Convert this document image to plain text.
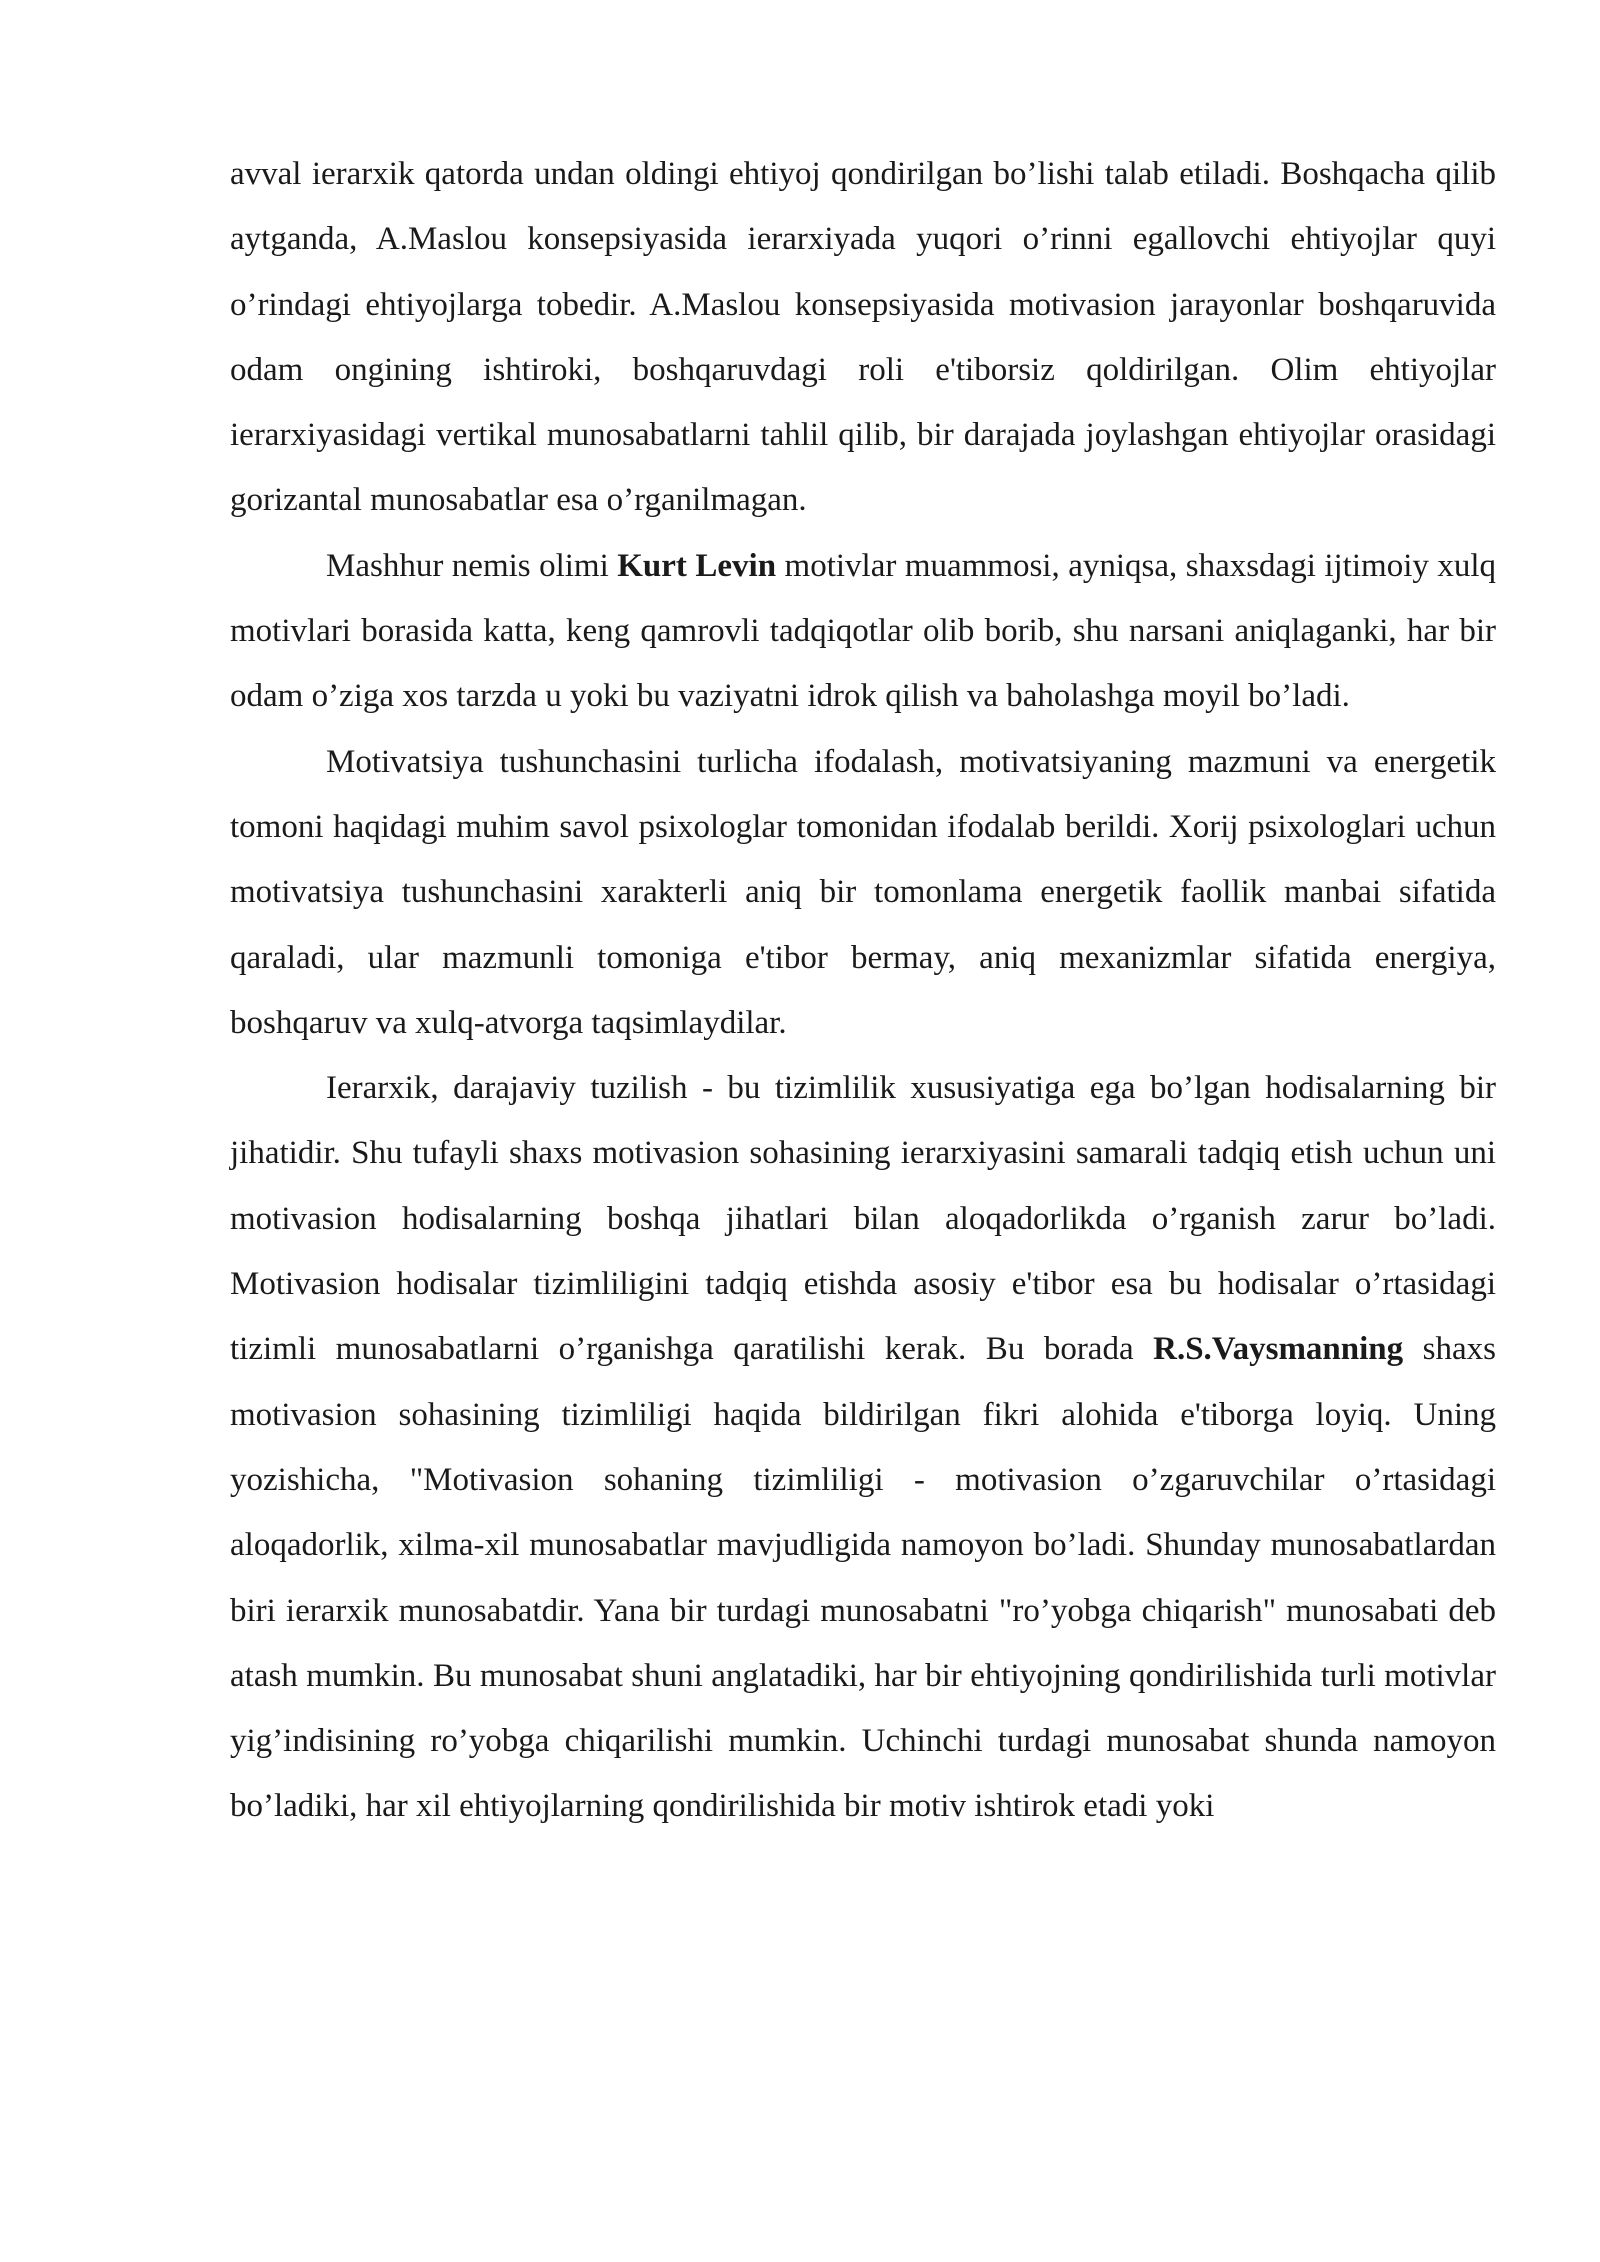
avval ierarxik qatorda undan oldingi ehtiyoj qondirilgan bo’lishi talab etiladi. Boshqacha qilib aytganda, A.Maslou konsepsiyasida ierarxiyada yuqori o’rinni egallovchi ehtiyojlar quyi o’rindagi ehtiyojlarga tobedir. A.Maslou konsepsiyasida motivasion jarayonlar boshqaruvida odam ongining ishtiroki, boshqaruvdagi roli e'tiborsiz qoldirilgan. Olim ehtiyojlar ierarxiyasidagi vertikal munosabatlarni tahlil qilib, bir darajada joylashgan ehtiyojlar orasidagi gorizantal munosabatlar esa o’rganilmagan.

Mashhur nemis olimi Kurt Levin motivlar muammosi, ayniqsa, shaxsdagi ijtimoiy xulq motivlari borasida katta, keng qamrovli tadqiqotlar olib borib, shu narsani aniqlaganki, har bir odam o’ziga xos tarzda u yoki bu vaziyatni idrok qilish va baholashga moyil bo’ladi.

Motivatsiya tushunchasini turlicha ifodalash, motivatsiyaning mazmuni va energetik tomoni haqidagi muhim savol psixologlar tomonidan ifodalab berildi. Xorij psixologlari uchun motivatsiya tushunchasini xarakterli aniq bir tomonlama energetik faollik manbai sifatida qaraladi, ular mazmunli tomoniga e'tibor bermay, aniq mexanizmlar sifatida energiya, boshqaruv va xulq-atvorga taqsimlaydilar.

Ierarxik, darajaviy tuzilish - bu tizimlilik xususiyatiga ega bo’lgan hodisalarning bir jihatidir. Shu tufayli shaxs motivasion sohasining ierarxiyasini samarali tadqiq etish uchun uni motivasion hodisalarning boshqa jihatlari bilan aloqadorlikda o’rganish zarur bo’ladi. Motivasion hodisalar tizimliligini tadqiq etishda asosiy e'tibor esa bu hodisalar o’rtasidagi tizimli munosabatlarni o’rganishga qaratilishi kerak. Bu borada R.S.Vaysmanning shaxs motivasion sohasining tizimliligi haqida bildirilgan fikri alohida e'tiborga loyiq. Uning yozishicha, "Motivasion sohaning tizimliligi - motivasion o’zgaruvchilar o’rtasidagi aloqadorlik, xilma-xil munosabatlar mavjudligida namoyon bo’ladi. Shunday munosabatlardan biri ierarxik munosabatdir. Yana bir turdagi munosabatni "ro’yobga chiqarish" munosabati deb atash mumkin. Bu munosabat shuni anglatadiki, har bir ehtiyojning qondirilishida turli motivlar yig’indisining ro’yobga chiqarilishi mumkin. Uchinchi turdagi munosabat shunda namoyon bo’ladiki, har xil ehtiyojlarning qondirilishida bir motiv ishtirok etadi yoki
